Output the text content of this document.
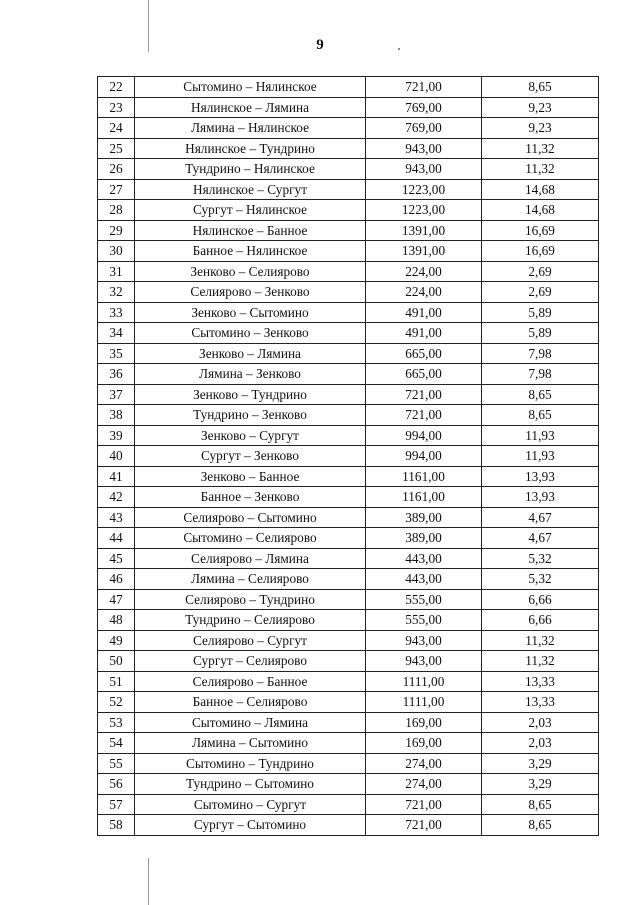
9
22	Сытомино – Нялинское	721,00	8,65
23	Нялинское – Лямина	769,00	9,23
24	Лямина – Нялинское	769,00	9,23
25	Нялинское – Тундрино	943,00	11,32
26	Тундрино – Нялинское	943,00	11,32
27	Нялинское – Сургут	1223,00	14,68
28	Сургут – Нялинское	1223,00	14,68
29	Нялинское – Банное	1391,00	16,69
30	Банное – Нялинское	1391,00	16,69
31	Зенково – Селиярово	224,00	2,69
32	Селиярово – Зенково	224,00	2,69
33	Зенково – Сытомино	491,00	5,89
34	Сытомино – Зенково	491,00	5,89
35	Зенково – Лямина	665,00	7,98
36	Лямина – Зенково	665,00	7,98
37	Зенково – Тундрино	721,00	8,65
38	Тундрино – Зенково	721,00	8,65
39	Зенково – Сургут	994,00	11,93
40	Сургут – Зенково	994,00	11,93
41	Зенково – Банное	1161,00	13,93
42	Банное – Зенково	1161,00	13,93
43	Селиярово – Сытомино	389,00	4,67
44	Сытомино – Селиярово	389,00	4,67
45	Селиярово – Лямина	443,00	5,32
46	Лямина – Селиярово	443,00	5,32
47	Селиярово – Тундрино	555,00	6,66
48	Тундрино – Селиярово	555,00	6,66
49	Селиярово – Сургут	943,00	11,32
50	Сургут – Селиярово	943,00	11,32
51	Селиярово – Банное	1111,00	13,33
52	Банное – Селиярово	1111,00	13,33
53	Сытомино – Лямина	169,00	2,03
54	Лямина – Сытомино	169,00	2,03
55	Сытомино – Тундрино	274,00	3,29
56	Тундрино – Сытомино	274,00	3,29
57	Сытомино – Сургут	721,00	8,65
58	Сургут – Сытомино	721,00	8,65
